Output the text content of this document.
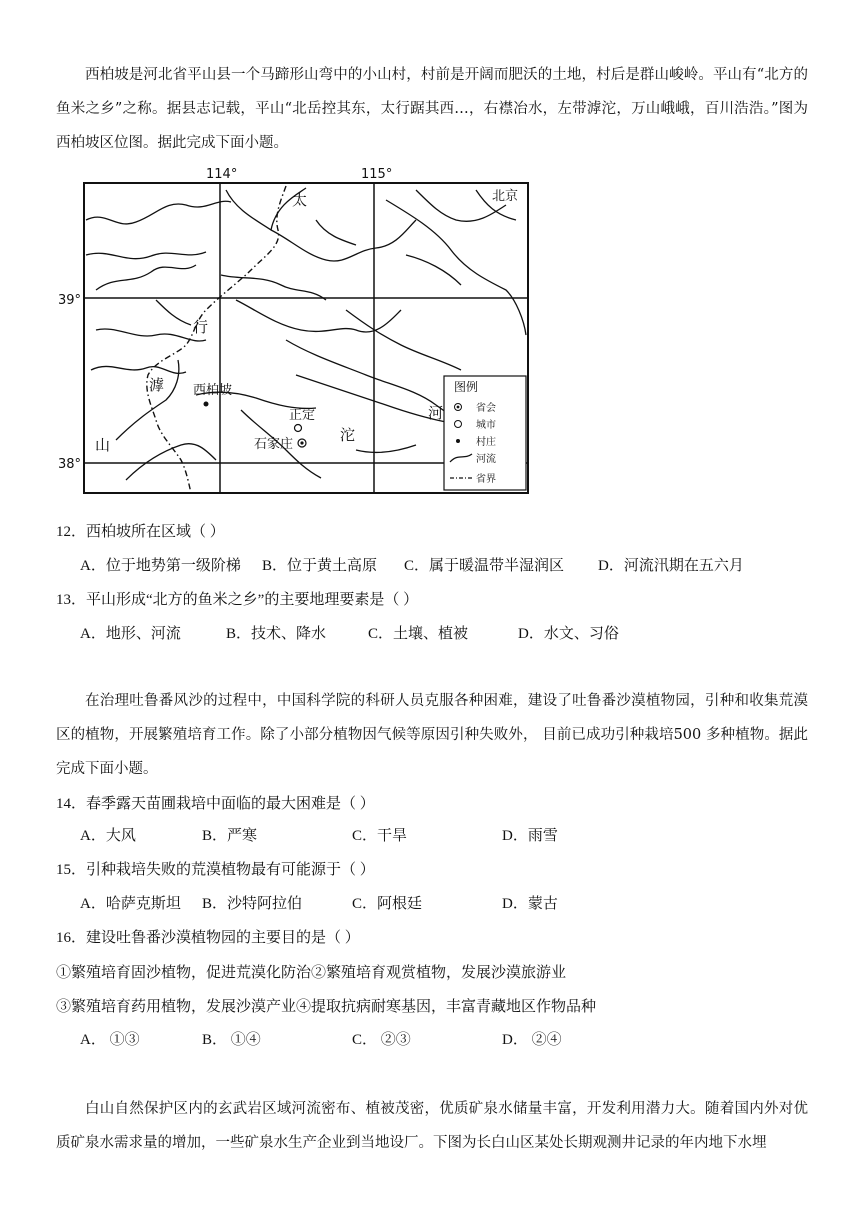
西柏坡是河北省平山县一个马蹄形山弯中的小山村，村前是开阔而肥沃的土地，村后是群山峻岭。平山有“北方的鱼米之乡”之称。据县志记载，平山“北岳控其东，太行踞其西…，右襟冶水，左带滹沱，万山峨峨，百川浩浩。”图为西柏坡区位图。据此完成下面小题。
114°	115°
39°
38°
太
行
滹
山
河
沱
北京
西柏坡
正定
石家庄
图例
省会
城市
村庄
河流
省界
12．西柏坡所在区域（ ）
A．位于地势第一级阶梯 B．位于黄土高原 C．属于暖温带半湿润区 D．河流汛期在五六月
13．平山形成“北方的鱼米之乡”的主要地理要素是（ ）
A．地形、河流	B．技术、降水	C．土壤、植被	D．水文、习俗
在治理吐鲁番风沙的过程中，中国科学院的科研人员克服各种困难，建设了吐鲁番沙漠植物园，引种和收集荒漠区的植物，开展繁殖培育工作。除了小部分植物因气候等原因引种失败外， 目前已成功引种栽培500 多种植物。据此完成下面小题。
14．春季露天苗圃栽培中面临的最大困难是（ ）
A．大风	B．严寒	C．干旱	D．雨雪
15．引种栽培失败的荒漠植物最有可能源于（ ）
A．哈萨克斯坦 B．沙特阿拉伯	C．阿根廷	D．蒙古
16．建设吐鲁番沙漠植物园的主要目的是（ ）
①繁殖培育固沙植物，促进荒漠化防治②繁殖培育观赏植物，发展沙漠旅游业
③繁殖培育药用植物，发展沙漠产业④提取抗病耐寒基因，丰富青藏地区作物品种
A． ①③	B． ①④	C． ②③	D． ②④
白山自然保护区内的玄武岩区域河流密布、植被茂密，优质矿泉水储量丰富，开发利用潜力大。随着国内外对优质矿泉水需求量的增加，一些矿泉水生产企业到当地设厂。下图为长白山区某处长期观测井记录的年内地下水埋
